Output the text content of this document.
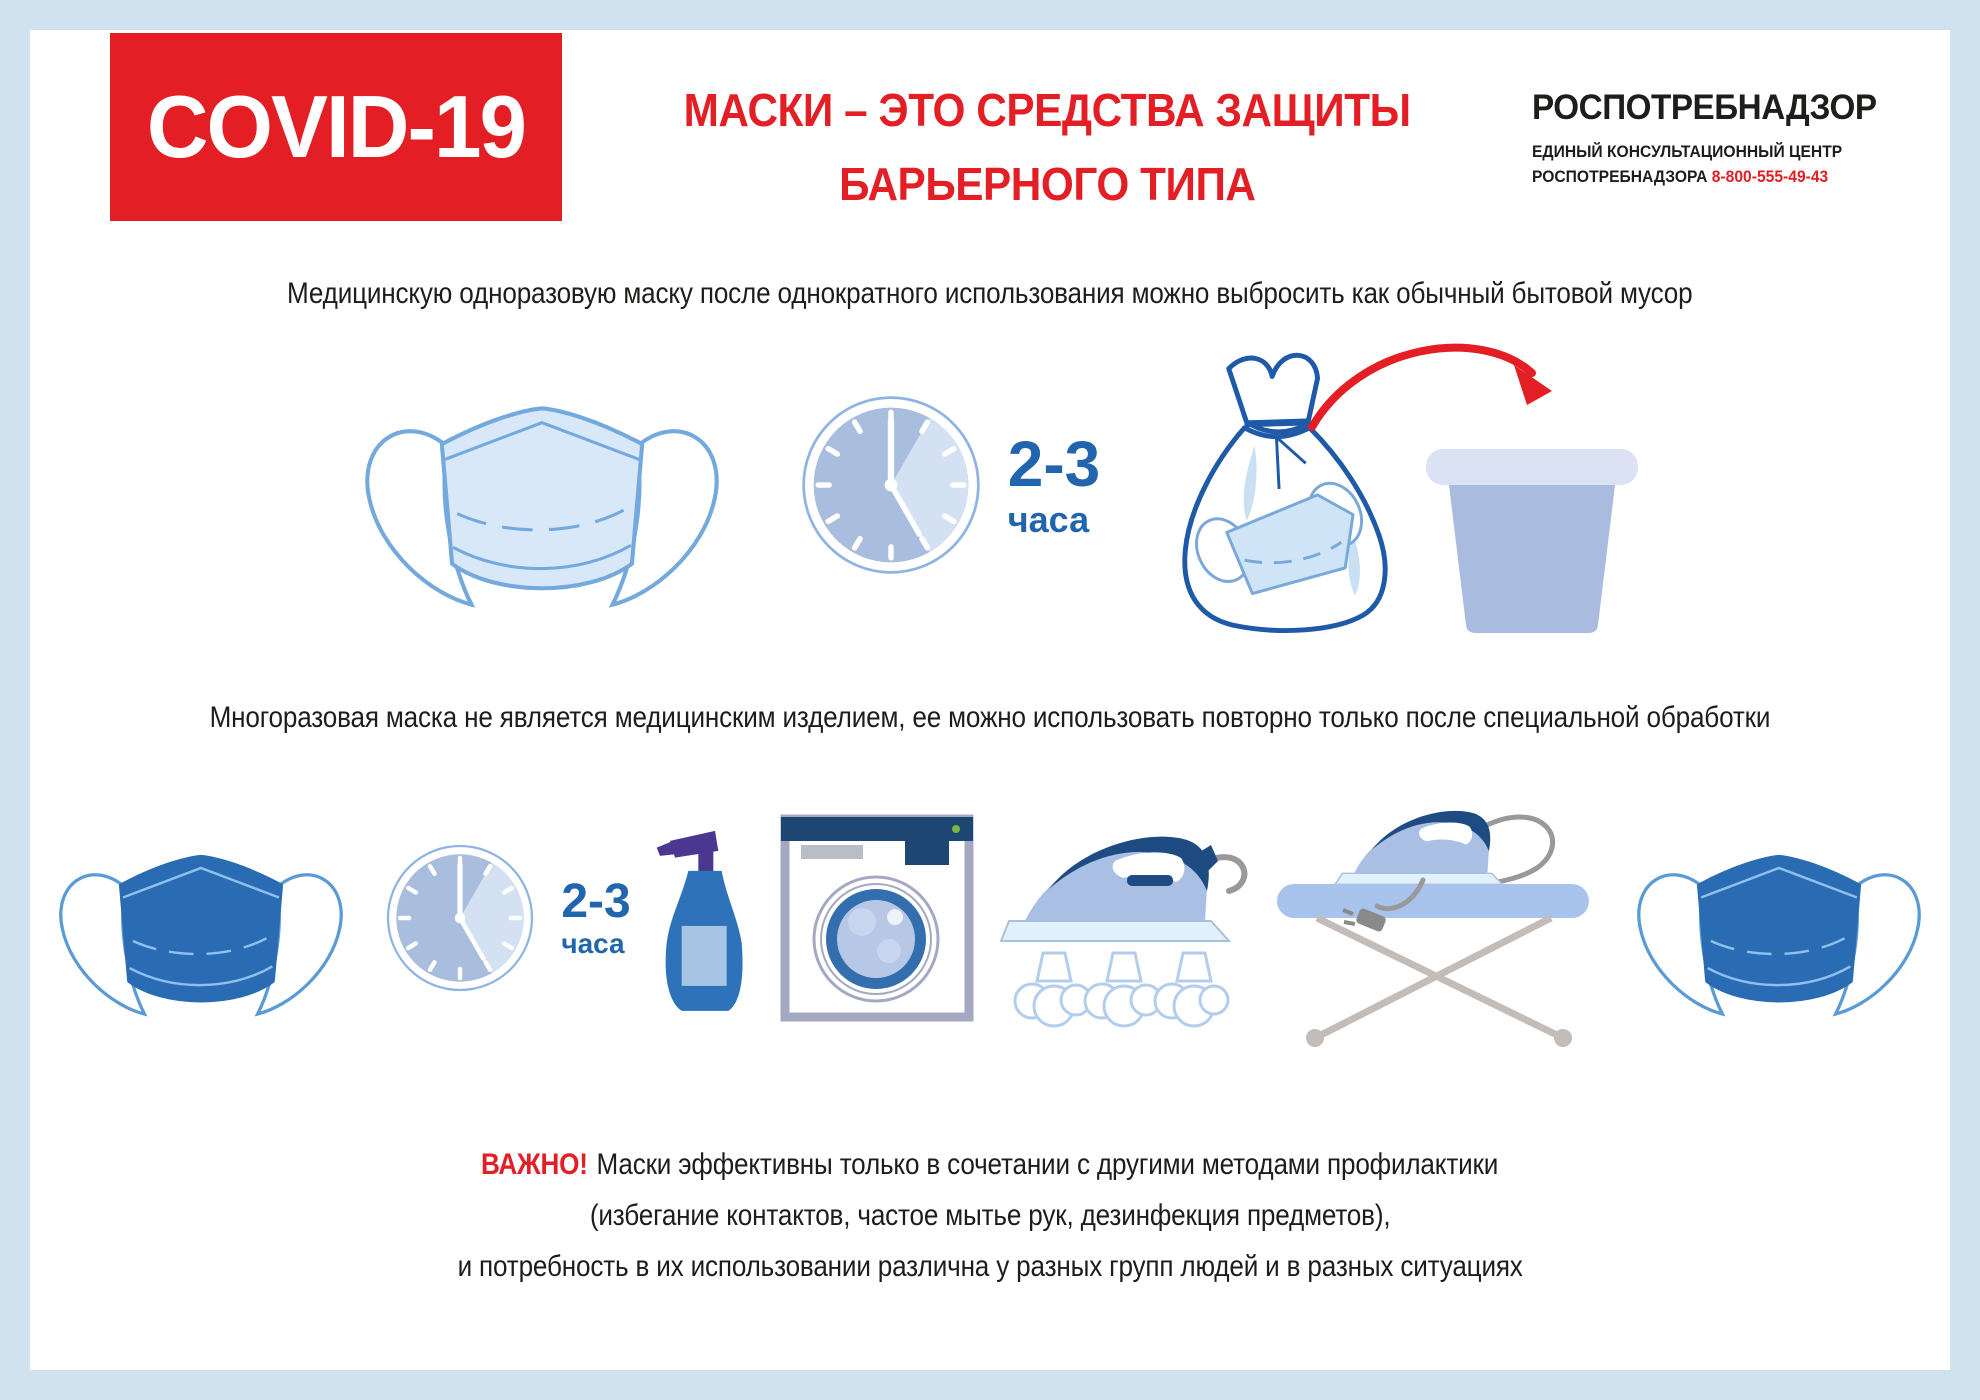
COVID-19	МАСКИ – ЭТО СРЕДСТВА ЗАЩИТЫ
БАРЬЕРНОГО ТИПА
РОСПОТРЕБНАДЗОР
ЕДИНЫЙ КОНСУЛЬТАЦИОННЫЙ ЦЕНТР
РОСПОТРЕБНАДЗОРА 8-800-555-49-43
Медицинскую одноразовую маску после однократного использования можно выбросить как обычный бытовой мусор
2-3
часа
Многоразовая маска не является медицинским изделием, ее можно использовать повторно только после специальной обработки
2-3
часа
ВАЖНО! Маски эффективны только в сочетании с другими методами профилактики
(избегание контактов, частое мытье рук, дезинфекция предметов),
и потребность в их использовании различна у разных групп людей и в разных ситуациях
